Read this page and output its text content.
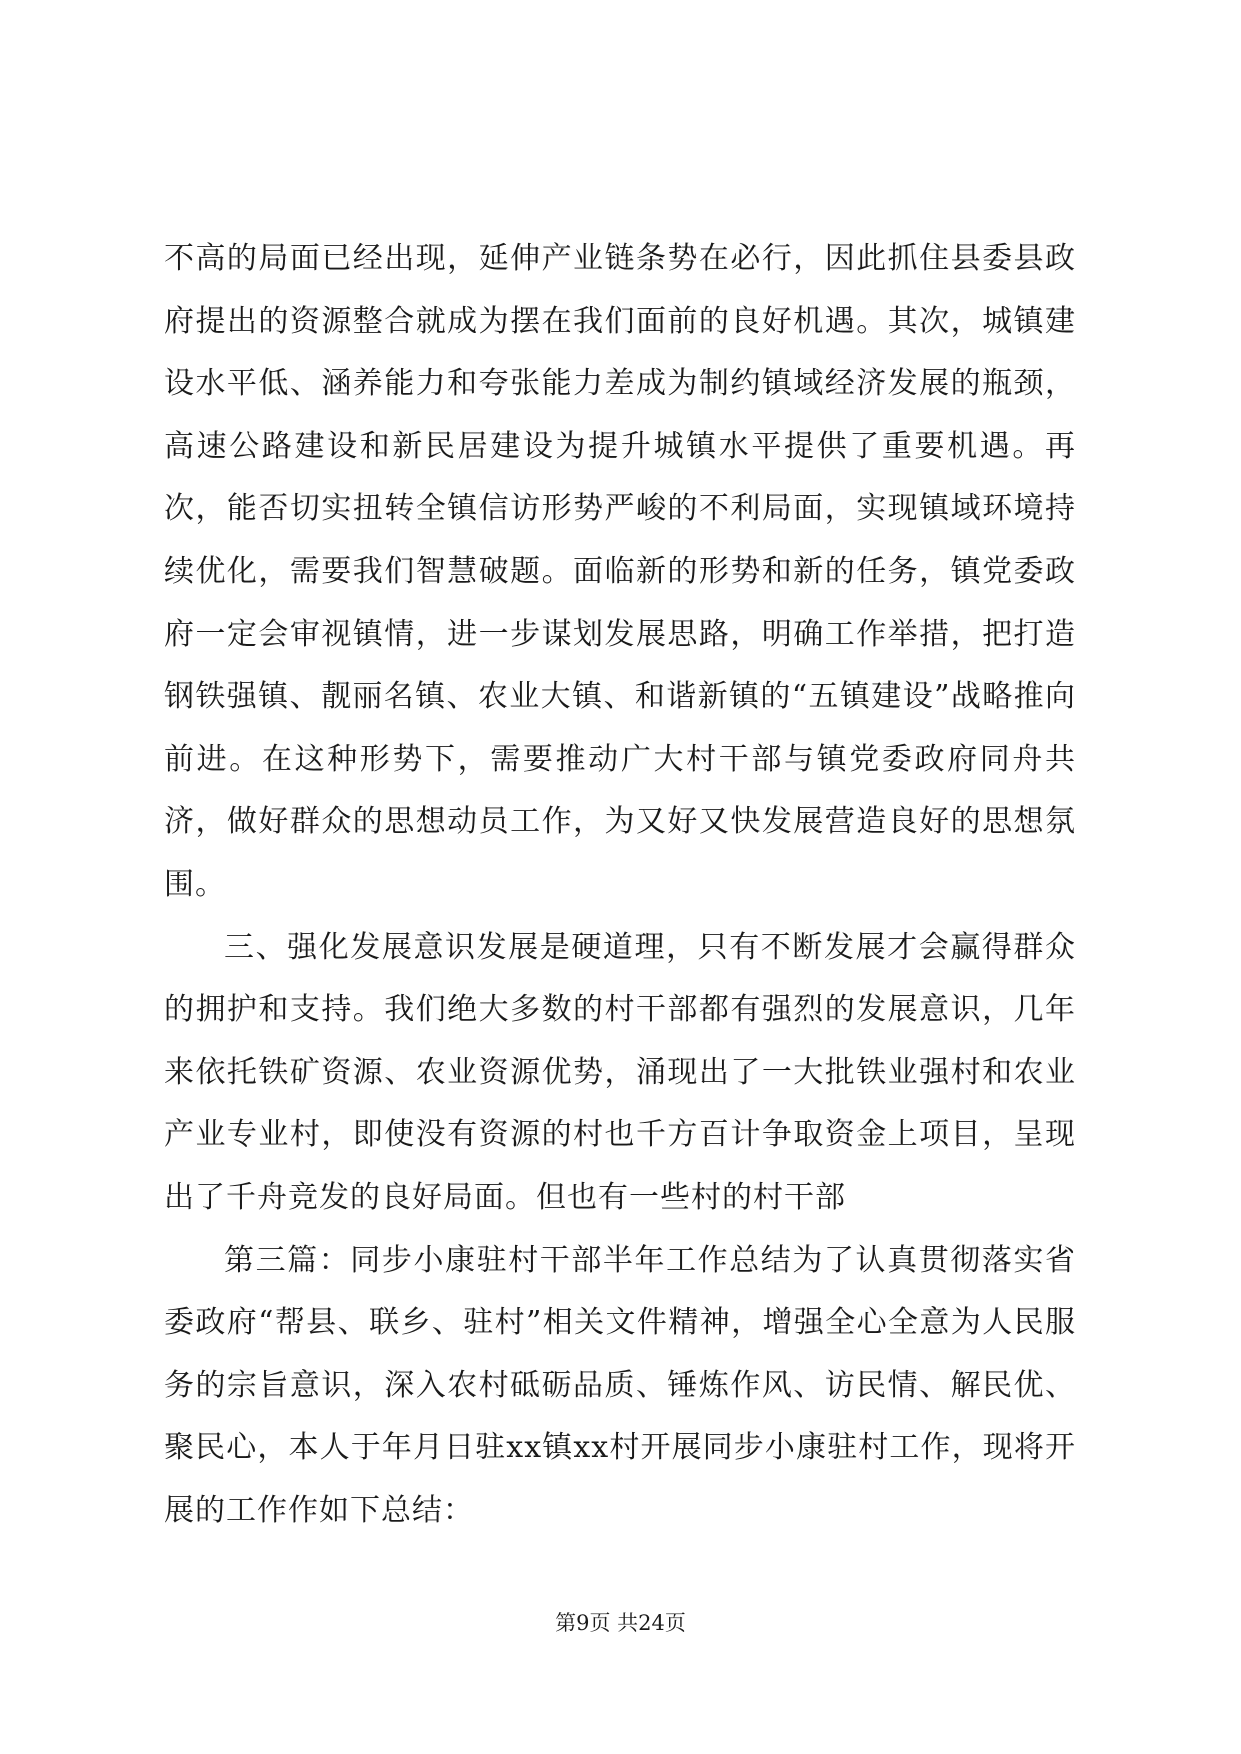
不高的局面已经出现，延伸产业链条势在必行，因此抓住县委县政府提出的资源整合就成为摆在我们面前的良好机遇。其次，城镇建设水平低、涵养能力和夸张能力差成为制约镇域经济发展的瓶颈，高速公路建设和新民居建设为提升城镇水平提供了重要机遇。再次，能否切实扭转全镇信访形势严峻的不利局面，实现镇域环境持续优化，需要我们智慧破题。面临新的形势和新的任务，镇党委政府一定会审视镇情，进一步谋划发展思路，明确工作举措，把打造钢铁强镇、靓丽名镇、农业大镇、和谐新镇的“五镇建设”战略推向前进。在这种形势下，需要推动广大村干部与镇党委政府同舟共济，做好群众的思想动员工作，为又好又快发展营造良好的思想氛围。

三、强化发展意识发展是硬道理，只有不断发展才会赢得群众的拥护和支持。我们绝大多数的村干部都有强烈的发展意识，几年来依托铁矿资源、农业资源优势，涌现出了一大批铁业强村和农业产业专业村，即使没有资源的村也千方百计争取资金上项目，呈现出了千舟竞发的良好局面。但也有一些村的村干部

第三篇：同步小康驻村干部半年工作总结为了认真贯彻落实省委政府“帮县、联乡、驻村”相关文件精神，增强全心全意为人民服务的宗旨意识，深入农村砥砺品质、锤炼作风、访民情、解民优、聚民心，本人于年月日驻xx镇xx村开展同步小康驻村工作，现将开展的工作作如下总结：

第9页 共24页
